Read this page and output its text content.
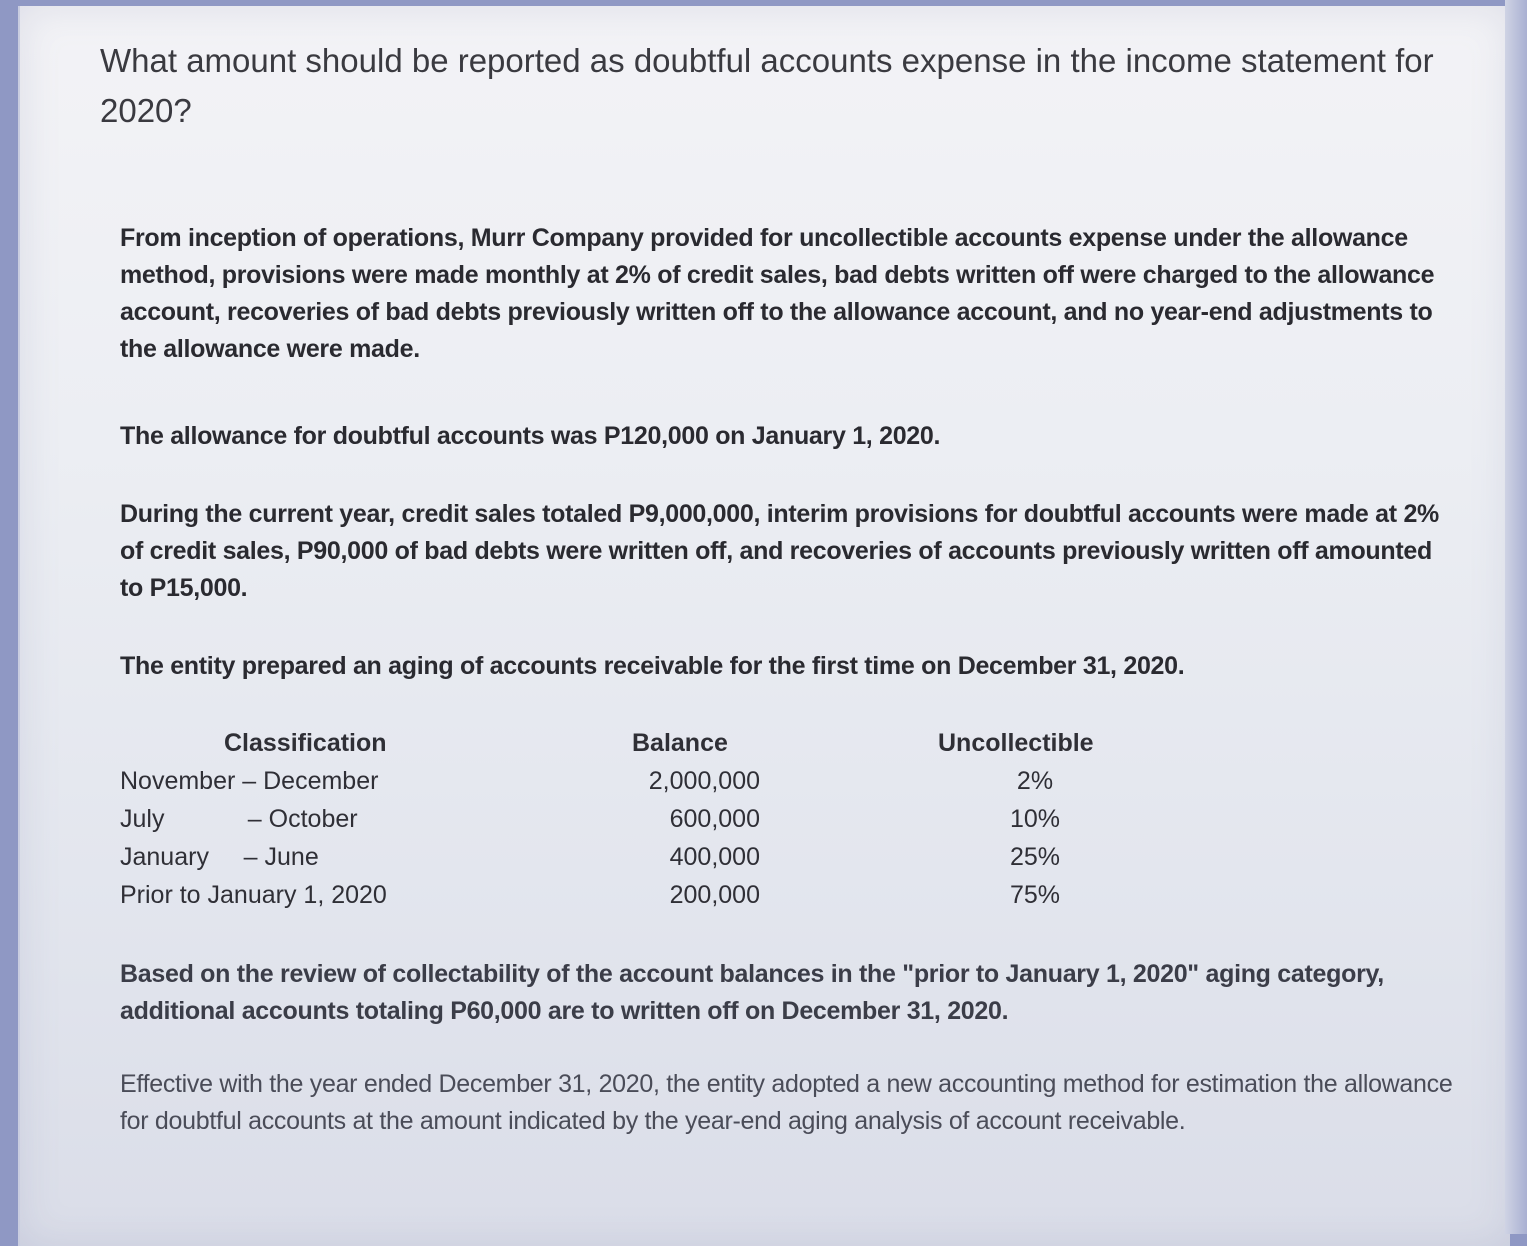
What amount should be reported as doubtful accounts expense in the income statement for 2020?
From inception of operations, Murr Company provided for uncollectible accounts expense under the allowance method, provisions were made monthly at 2% of credit sales, bad debts written off were charged to the allowance account, recoveries of bad debts previously written off to the allowance account, and no year-end adjustments to the allowance were made.
The allowance for doubtful accounts was P120,000 on January 1, 2020.
During the current year, credit sales totaled P9,000,000, interim provisions for doubtful accounts were made at 2% of credit sales, P90,000 of bad debts were written off, and recoveries of accounts previously written off amounted to P15,000.
The entity prepared an aging of accounts receivable for the first time on December 31, 2020.
Classification	Balance	Uncollectible
November – December	2,000,000	2%
July            – October	600,000	10%
January     – June	400,000	25%
Prior to January 1, 2020	200,000	75%
Based on the review of collectability of the account balances in the "prior to January 1, 2020" aging category, additional accounts totaling P60,000 are to written off on December 31, 2020.
Effective with the year ended December 31, 2020, the entity adopted a new accounting method for estimation the allowance for doubtful accounts at the amount indicated by the year-end aging analysis of account receivable.
